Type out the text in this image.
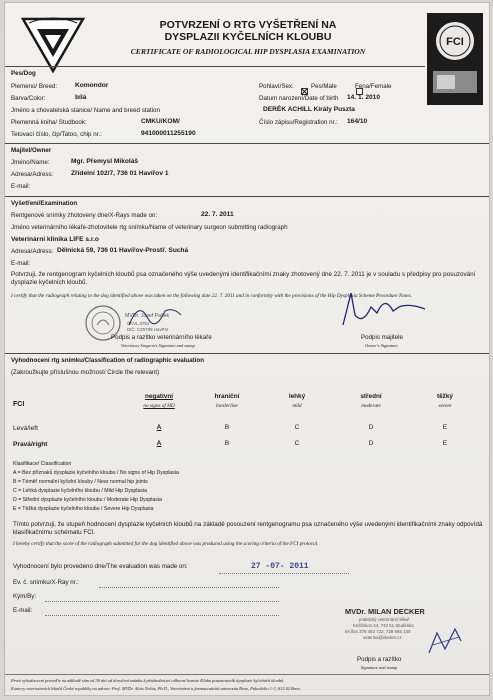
FCI
POTVRZENÍ O RTG VYŠETŘENÍ NA
DYSPLAZII KYČELNÍCH KLOUBU
CERTIFICATE OF RADIOLOGICAL HIP DYSPLASIA EXAMINATION
Pes/Dog
Plemeno/ Breed:	Komondor	Pohlaví/Sex:
	Pes/Male	Fena/Female
Barva/Color:	bílá	Datum narození/Date of birth 14. 1. 2010
Jméno a chovatelská stanice/ Name and breed station	DERÉK ACHILL Király Puszta
Plemenná kniha/ Studbook:	CMKU/KOM/	Číslo zápisu/Registration nr.: 164/10
Tetovací číslo, čip/Tatoo, chip nr.:	941000011255190
Majitel/Owner
Jméno/Name:	Mgr. Přemysl Mikoláš
Adresa/Adress:	Zřídelní 102/7, 736 01 Havířov 1
E-mail:
Vyšetření/Examination
Rentgenové snímky zhotoveny dne/X-Rays made on:	22. 7. 2011
Jméno veterinárního lékaře-zhotovitele rtg snímku/Name of veterinary surgeon submitting radiograph
Veterinární klinika LIFE s.r.o
Adresa/Adress: Dělnická 59, 736 01 Havířov-Prostř. Suchá
E-mail:
Potvrzuji, že rentgenogram kyčelních kloubů psa označeného výše uvedenými identifikačními znaky zhotovený dne 22. 7. 2011 je v souladu s předpisy pro posuzování dysplazie kyčelních kloubů.
I certify that the radiograph relating to the dog identified above was taken on the following date 22. 7. 2011 and in conformity with the provisions of the Hip Dysplasia Scheme Procedure Notes.
MVDr. Josef Pašek
ČKVL 3751
DIČ: CZ5708 HavPsr
Podpis a razítko veterinárního lékaře
Veterinary Surgeon's Signature and stamp
Podpis majitele
Owner's Signature
Vyhodnocení rtg snímku/Classification of radiographic evaluation
(Zakroužkujte příslušnou možnost/ Circle the relevant)
FCI
negativní
no signs of HD
hraniční
borderline
lehký
mild
střední
moderate
těžký
severe
Levá/left	A	B	C	D	E
Pravá/right	A	B	C	D	E
Klasifikace/ Classification
A = Bez příznaků dysplazie kyčelního kloubu / No signs of Hip Dysplasia
B = Téměř normální kyčelní klouby / Near normal hip joints
C = Lehká dysplazie kyčelního kloubu / Mild Hip Dysplasia
D = Střední dysplazie kyčelního kloubu / Moderate Hip Dysplasia
E = Těžká dysplazie kyčelního kloubu / Severe Hip Dysplasia
Tímto potvrzuji, že stupeň hodnocení dysplazie kyčelních kloubů na základě posouzení rentgenogramu psa označeného výše uvedenými identifikačními znaky odpovídá klasifikačnímu schématu FCI.
I hereby certify that the score of the radiograph submitted for the dog identified above was produced using the scoring criteria of the FCI protocol.
Vyhodnocení bylo provedeno dne/The evaluation was made on:	27 -07- 2011
Ev. č. snímku/X-Ray nr.:
Kým/By:
E-mail:	MVDr. MILAN DECKER
praktický veterinární lékař
Kněžskov 44, 743 51 Studénka
tel./fax 379 492 722, 728 665 140
veterina@decker.cz
Podpis a razítko
Signature and stamp
První vyhodnocení proveďte na základě sám od 30 dní od doručení snímku k předsednictví odborné komise Klubu posuzovatelů dysplazie kyčelních kloubů.
Komory veterinárních lékařů České republiky na adrese: Prof. MVDr. Alois Nečas, Ph.D., Veterinární a farmaceutická univerzita Brno, Palackého 1-3, 612 42 Brno.
